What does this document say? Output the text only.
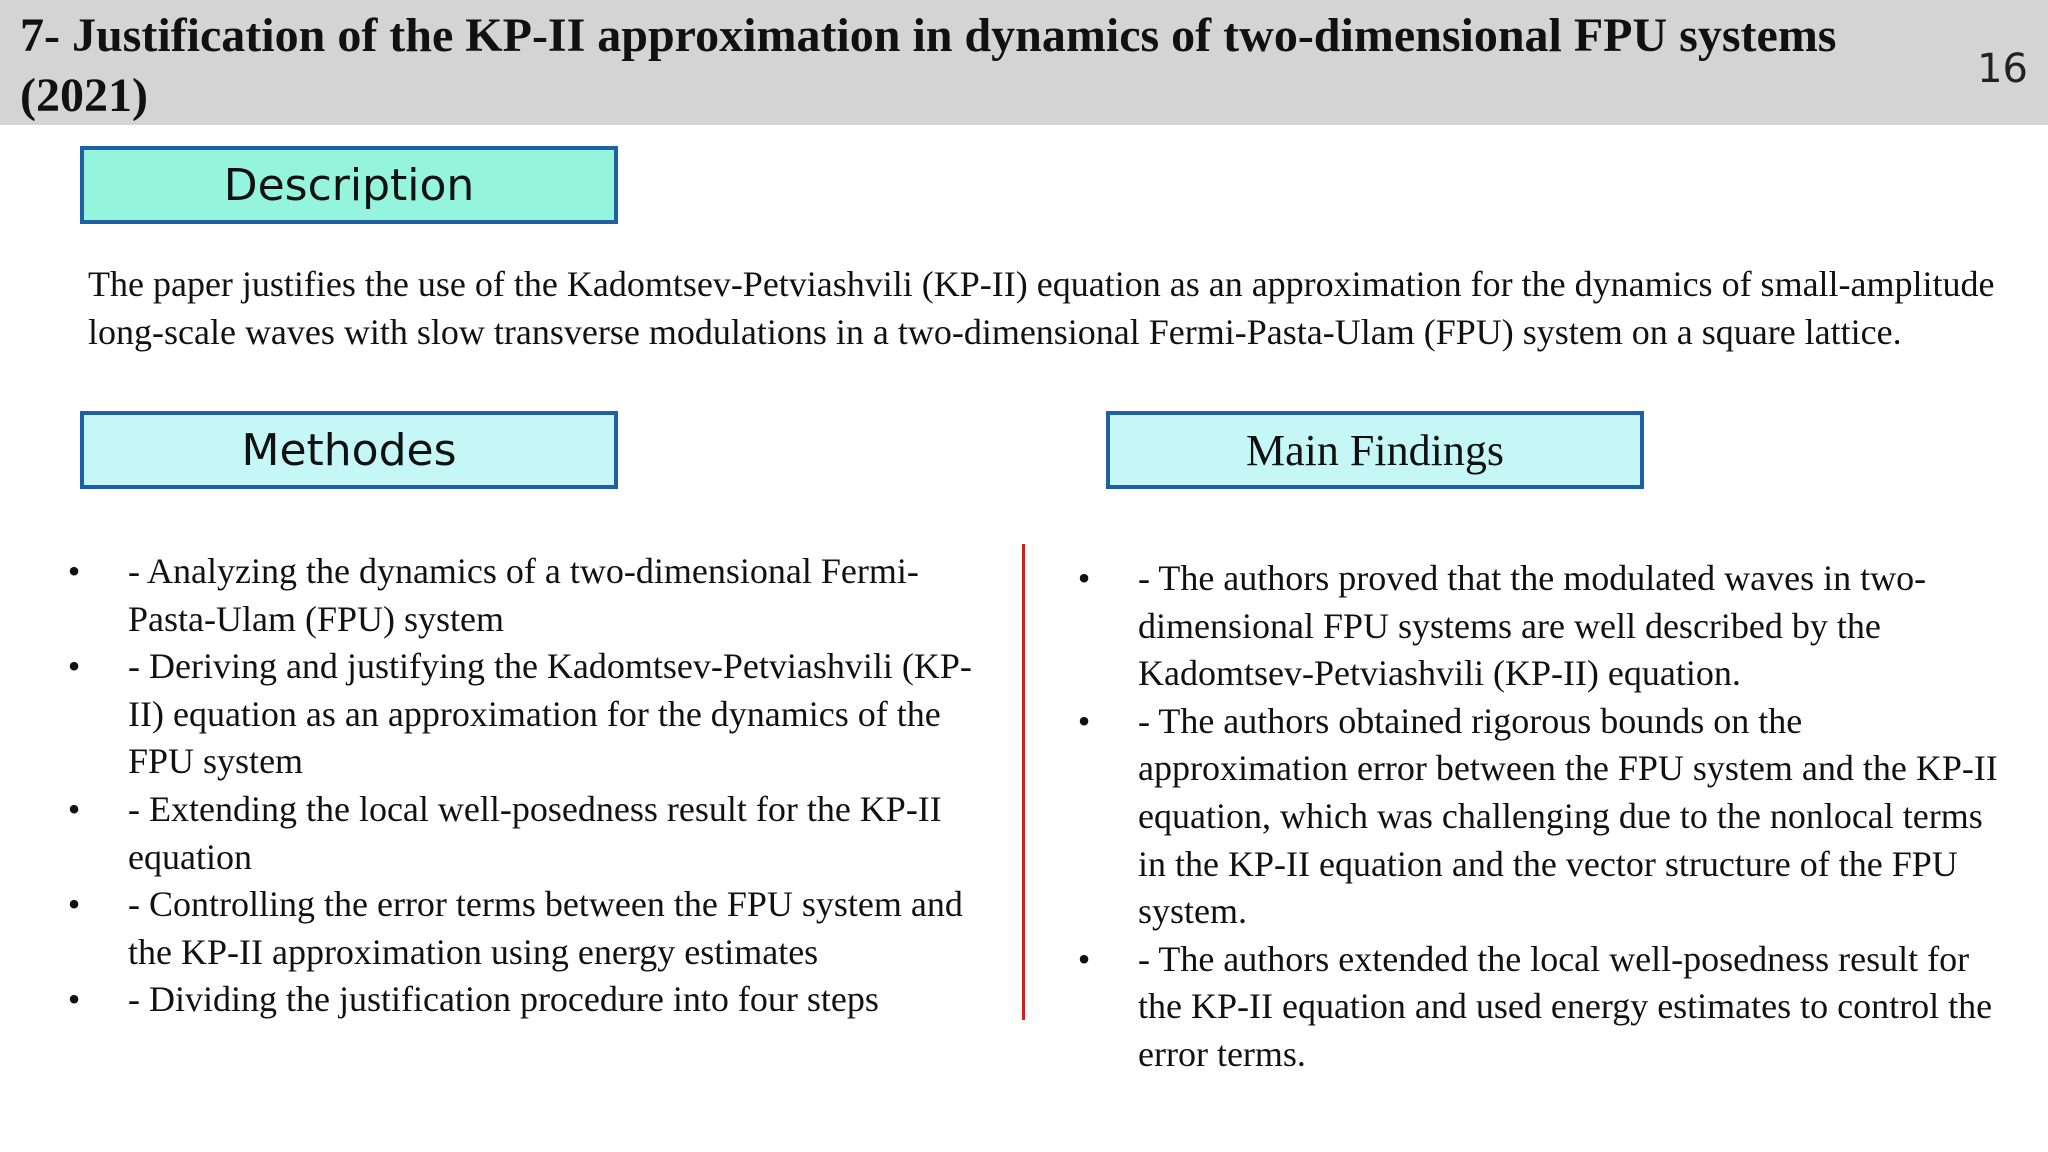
7- Justification of the KP-II approximation in dynamics of two-dimensional FPU systems (2021)	16
Description

The paper justifies the use of the Kadomtsev-Petviashvili (KP-II) equation as an approximation for the dynamics of small-amplitude long-scale waves with slow transverse modulations in a two-dimensional Fermi-Pasta-Ulam (FPU) system on a square lattice.

Methodes	Main Findings
• - Analyzing the dynamics of a two-dimensional Fermi-Pasta-Ulam (FPU) system
• - Deriving and justifying the Kadomtsev-Petviashvili (KP-II) equation as an approximation for the dynamics of the FPU system
• - Extending the local well-posedness result for the KP-II equation
• - Controlling the error terms between the FPU system and the KP-II approximation using energy estimates
• - Dividing the justification procedure into four steps
• - The authors proved that the modulated waves in two-dimensional FPU systems are well described by the Kadomtsev-Petviashvili (KP-II) equation.
• - The authors obtained rigorous bounds on the approximation error between the FPU system and the KP-II equation, which was challenging due to the nonlocal terms in the KP-II equation and the vector structure of the FPU system.
• - The authors extended the local well-posedness result for the KP-II equation and used energy estimates to control the error terms.
